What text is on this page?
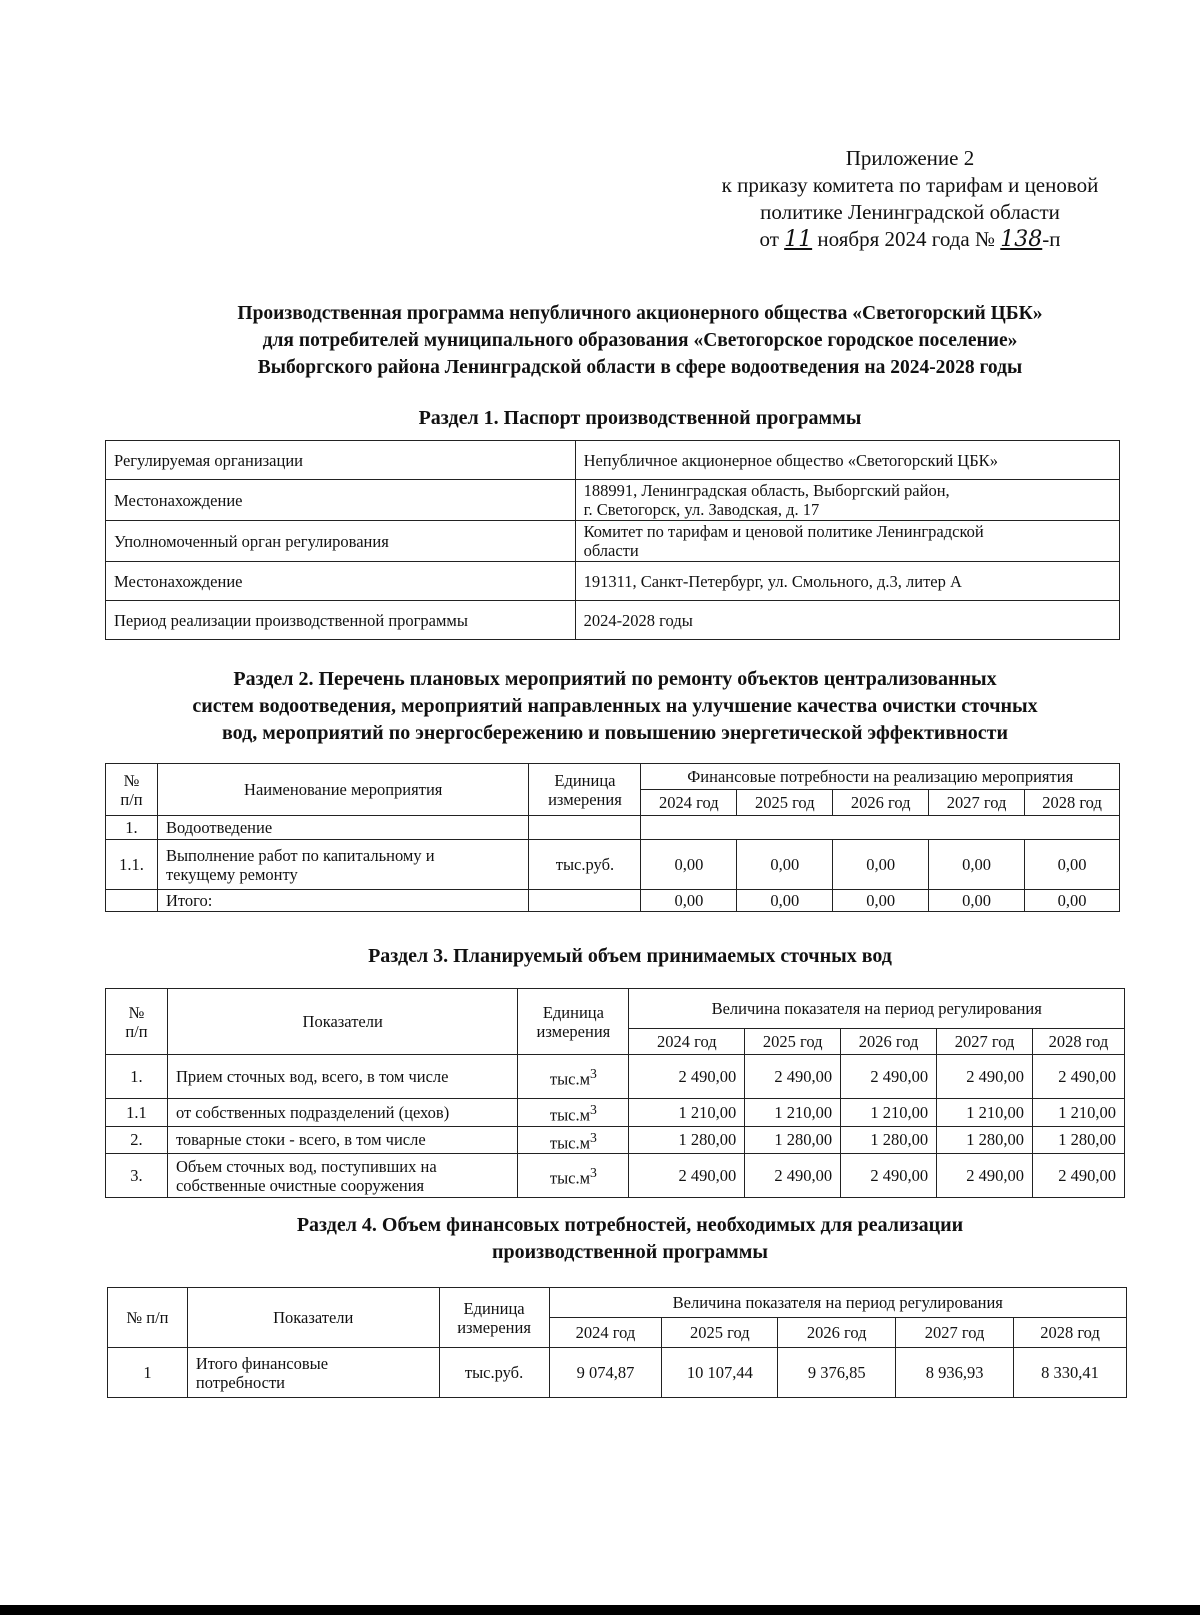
Приложение 2
к приказу комитета по тарифам и ценовой
политике Ленинградской области
от 11 ноября 2024 года № 138-п
Производственная программа непубличного акционерного общества «Светогорский ЦБК»
для потребителей муниципального образования «Светогорское городское поселение»
Выборгского района Ленинградской области в сфере водоотведения на 2024-2028 годы
Раздел 1. Паспорт производственной программы
Регулируемая организации	Непубличное акционерное общество «Светогорский ЦБК»
Местонахождение	188991, Ленинградская область, Выборгский район,
г. Светогорск, ул. Заводская, д. 17
Уполномоченный орган регулирования	Комитет по тарифам и ценовой политике Ленинградской
области
Местонахождение	191311, Санкт-Петербург, ул. Смольного, д.3, литер А
Период реализации производственной программы	2024-2028 годы
Раздел 2. Перечень плановых мероприятий по ремонту объектов централизованных
систем водоотведения, мероприятий направленных на улучшение качества очистки сточных
вод, мероприятий по энергосбережению и повышению энергетической эффективности
№
п/п	Наименование мероприятия	Единица
измерения	Финансовые потребности на реализацию мероприятия				
			2024 год	2025 год	2026 год	2027 год	2028 год
1.	Водоотведение						
1.1.	Выполнение работ по капитальному и
текущему ремонту	тыс.руб.	0,00	0,00	0,00	0,00	0,00
	Итого:		0,00	0,00	0,00	0,00	0,00
Раздел 3. Планируемый объем принимаемых сточных вод
№
п/п	Показатели	Единица
измерения	Величина показателя на период регулирования				
			2024 год	2025 год	2026 год	2027 год	2028 год
1.	Прием сточных вод, всего, в том числе	$тыс.м^3$	2 490,00	2 490,00	2 490,00	2 490,00	2 490,00
1.1	от собственных подразделений (цехов)	$тыс.м^3$	1 210,00	1 210,00	1 210,00	1 210,00	1 210,00
2.	товарные стоки - всего, в том числе	$тыс.м^3$	1 280,00	1 280,00	1 280,00	1 280,00	1 280,00
3.	Объем сточных вод, поступивших на
собственные очистные сооружения	$тыс.м^3$	2 490,00	2 490,00	2 490,00	2 490,00	2 490,00
Раздел 4. Объем финансовых потребностей, необходимых для реализации
производственной программы
№ п/п	Показатели	Единица
измерения	Величина показателя на период регулирования				
			2024 год	2025 год	2026 год	2027 год	2028 год
1	Итого финансовые
потребности	тыс.руб.	9 074,87	10 107,44	9 376,85	8 936,93	8 330,41
